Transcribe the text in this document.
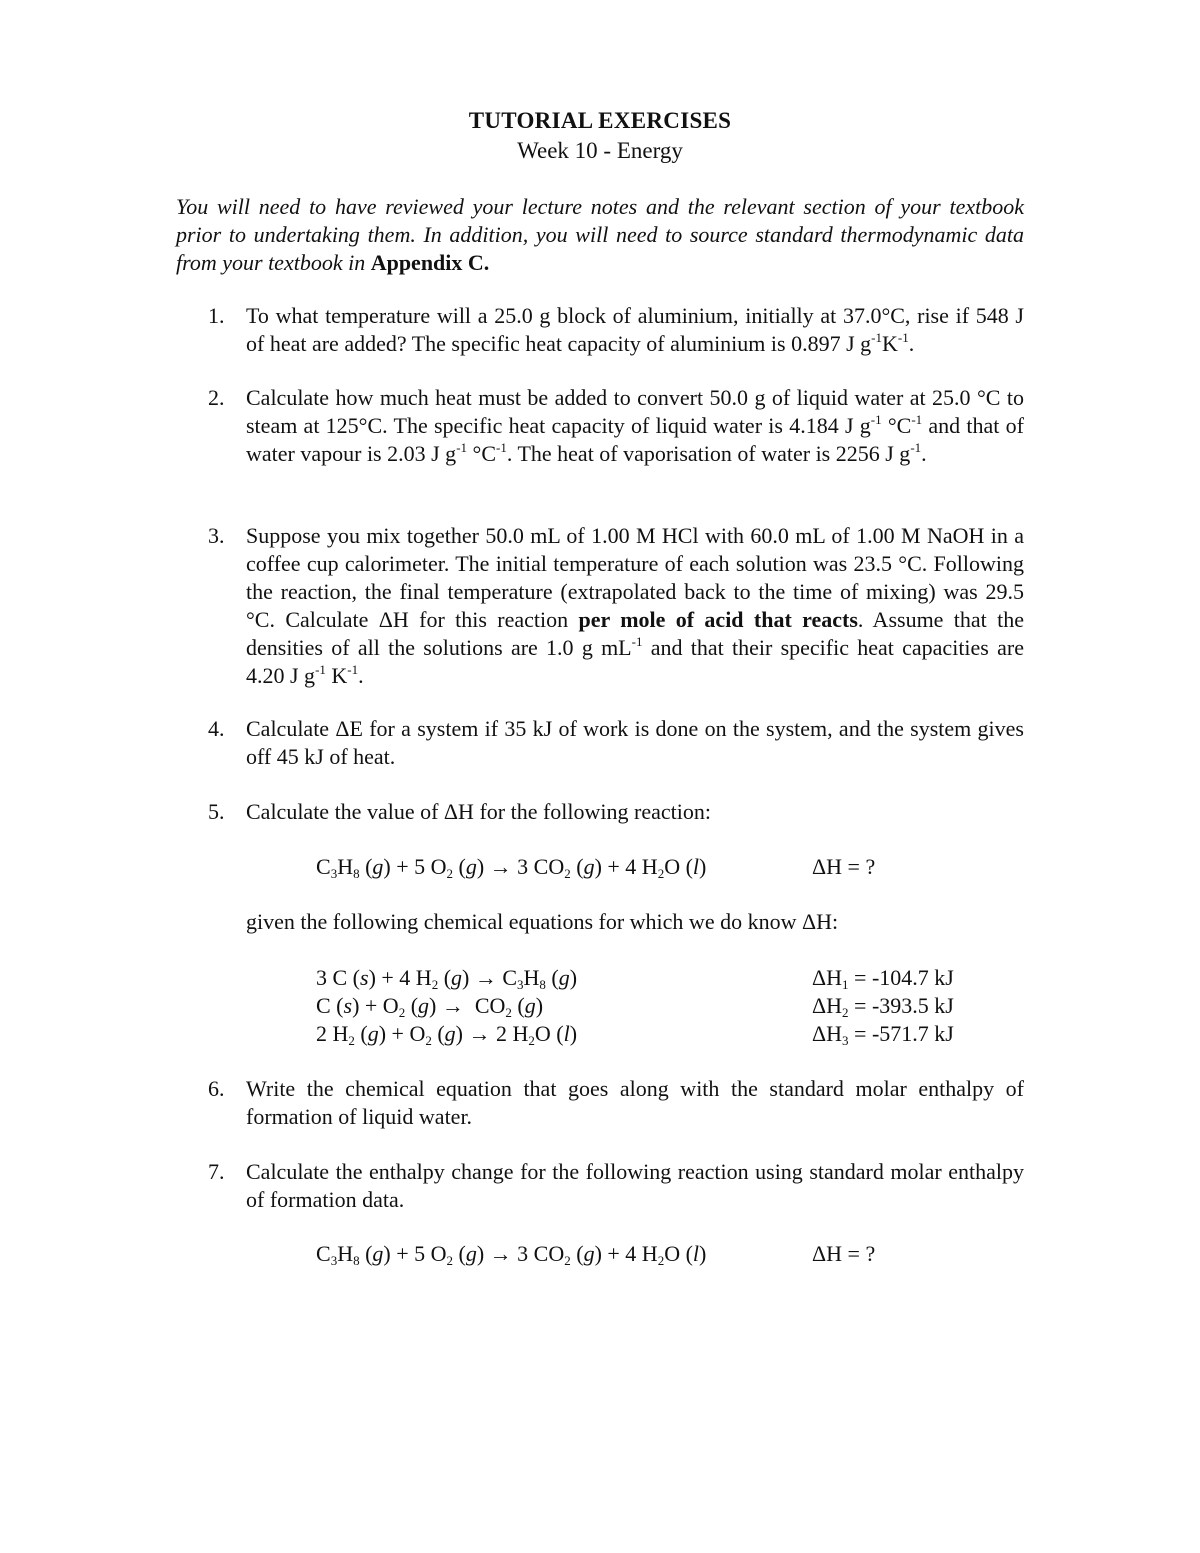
TUTORIAL EXERCISES
Week 10 - Energy
You will need to have reviewed your lecture notes and the relevant section of your textbook prior to undertaking them. In addition, you will need to source standard thermodynamic data from your textbook in Appendix C.
1. To what temperature will a 25.0 g block of aluminium, initially at 37.0°C, rise if 548 J of heat are added? The specific heat capacity of aluminium is 0.897 J $g^{-1}K^{-1}$.
2. Calculate how much heat must be added to convert 50.0 g of liquid water at 25.0 °C to steam at 125°C. The specific heat capacity of liquid water is 4.184 J $g^{-1}$ $^\circ C^{-1}$ and that of water vapour is 2.03 J $g^{-1}$ $^\circ C^{-1}$. The heat of vaporisation of water is 2256 J $g^{-1}$.
3. Suppose you mix together 50.0 mL of 1.00 M HCl with 60.0 mL of 1.00 M NaOH in a coffee cup calorimeter. The initial temperature of each solution was 23.5 °C. Following the reaction, the final temperature (extrapolated back to the time of mixing) was 29.5 °C. Calculate ΔH for this reaction per mole of acid that reacts. Assume that the densities of all the solutions are 1.0 g $mL^{-1}$ and that their specific heat capacities are 4.20 J $g^{-1}$ $K^{-1}$.
4. Calculate ΔE for a system if 35 kJ of work is done on the system, and the system gives off 45 kJ of heat.
5. Calculate the value of ΔH for the following reaction:
$C_3H_8$ (g) + 5 $O_2$ (g) → 3 $CO_2$ (g) + 4 $H_2O$ (l)	ΔH = ?
given the following chemical equations for which we do know ΔH:
3 C (s) + 4 $H_2$ $(g) \to C_3H_8$ (g)	$\Delta H_1 = -104.7$ kJ
C $(s) + O_2$ $(g) \to CO_2$ (g)	$\Delta H_2 = -393.5$ kJ
2 $H_2$ $(g) + O_2$ (g) → 2 $H_2O$ (l)	$\Delta H_3 = -571.7$ kJ
6. Write the chemical equation that goes along with the standard molar enthalpy of formation of liquid water.
7. Calculate the enthalpy change for the following reaction using standard molar enthalpy of formation data.
$C_3H_8$ (g) + 5 $O_2$ (g) → 3 $CO_2$ (g) + 4 $H_2O$ (l)	ΔH = ?
